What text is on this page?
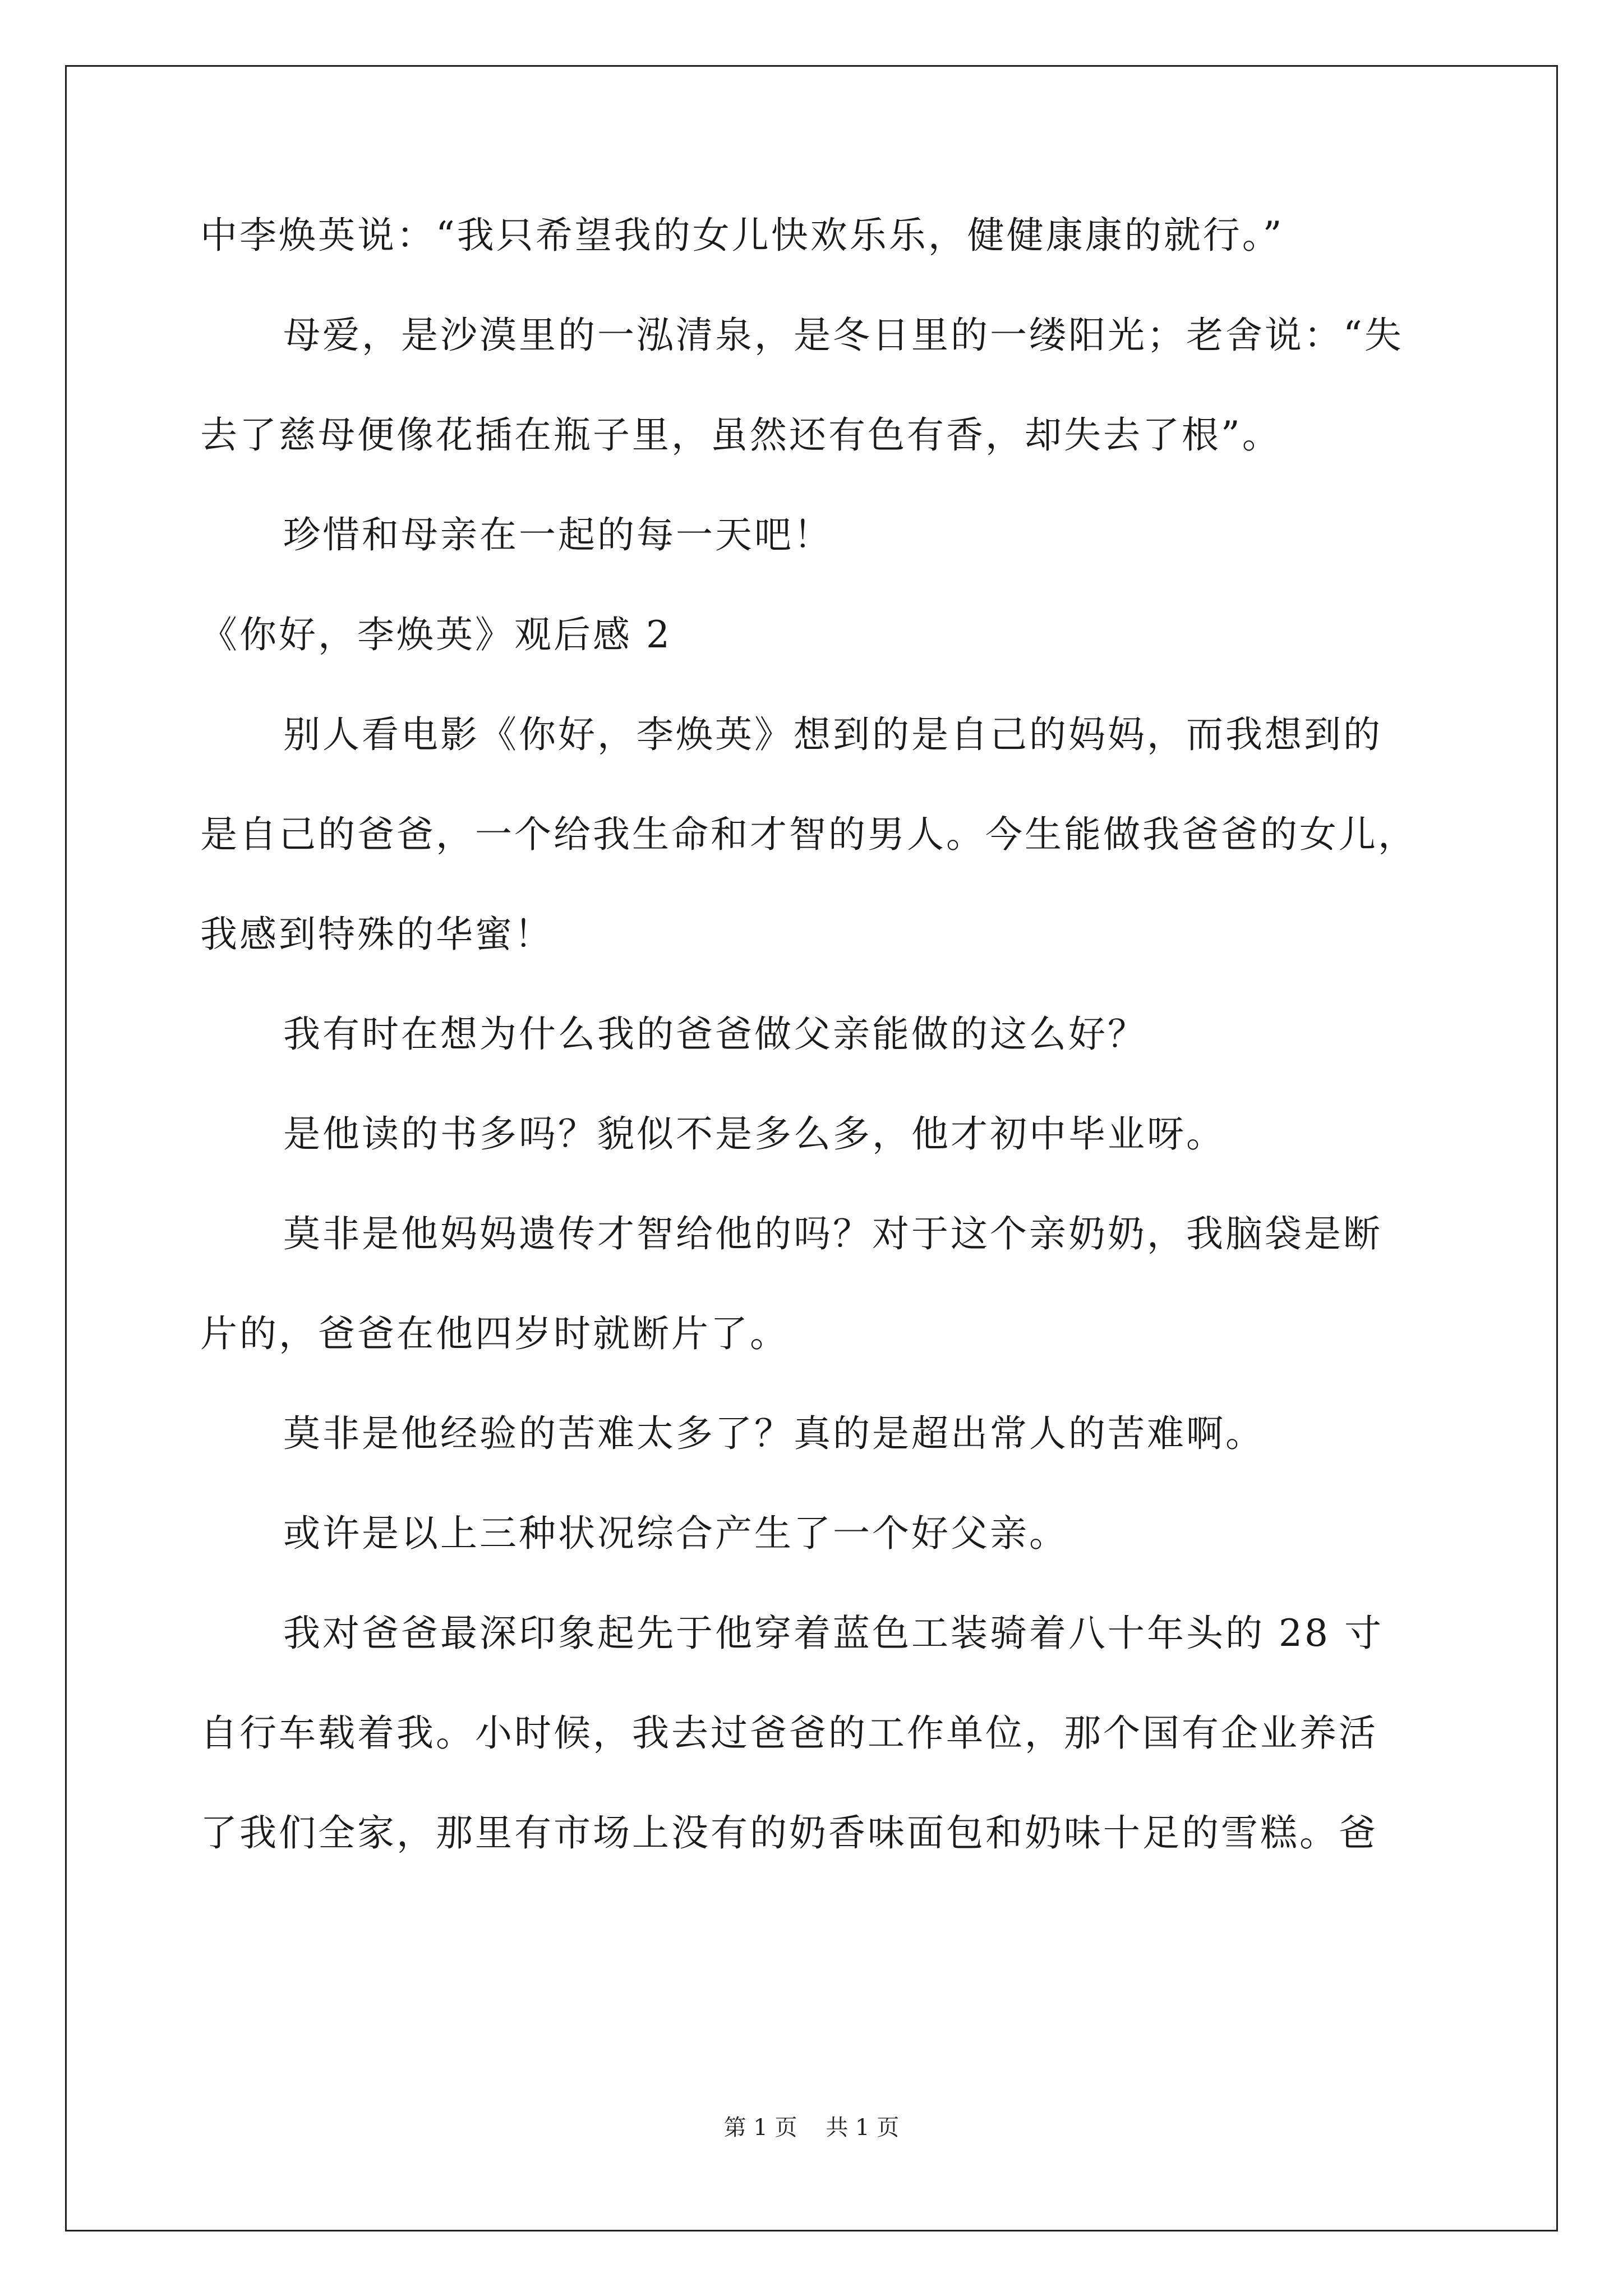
中李焕英说：“我只希望我的女儿快欢乐乐，健健康康的就行。”
母爱，是沙漠里的一泓清泉，是冬日里的一缕阳光；老舍说：“失
去了慈母便像花插在瓶子里，虽然还有色有香，却失去了根”。
珍惜和母亲在一起的每一天吧！
《你好，李焕英》观后感 2
别人看电影《你好，李焕英》想到的是自己的妈妈，而我想到的
是自己的爸爸，一个给我生命和才智的男人。今生能做我爸爸的女儿，
我感到特殊的华蜜！
我有时在想为什么我的爸爸做父亲能做的这么好？
是他读的书多吗？貌似不是多么多，他才初中毕业呀。
莫非是他妈妈遗传才智给他的吗？对于这个亲奶奶，我脑袋是断
片的，爸爸在他四岁时就断片了。
莫非是他经验的苦难太多了？真的是超出常人的苦难啊。
或许是以上三种状况综合产生了一个好父亲。
我对爸爸最深印象起先于他穿着蓝色工装骑着八十年头的 28 寸
自行车载着我。小时候，我去过爸爸的工作单位，那个国有企业养活
了我们全家，那里有市场上没有的奶香味面包和奶味十足的雪糕。爸
第 1 页 共 1 页
